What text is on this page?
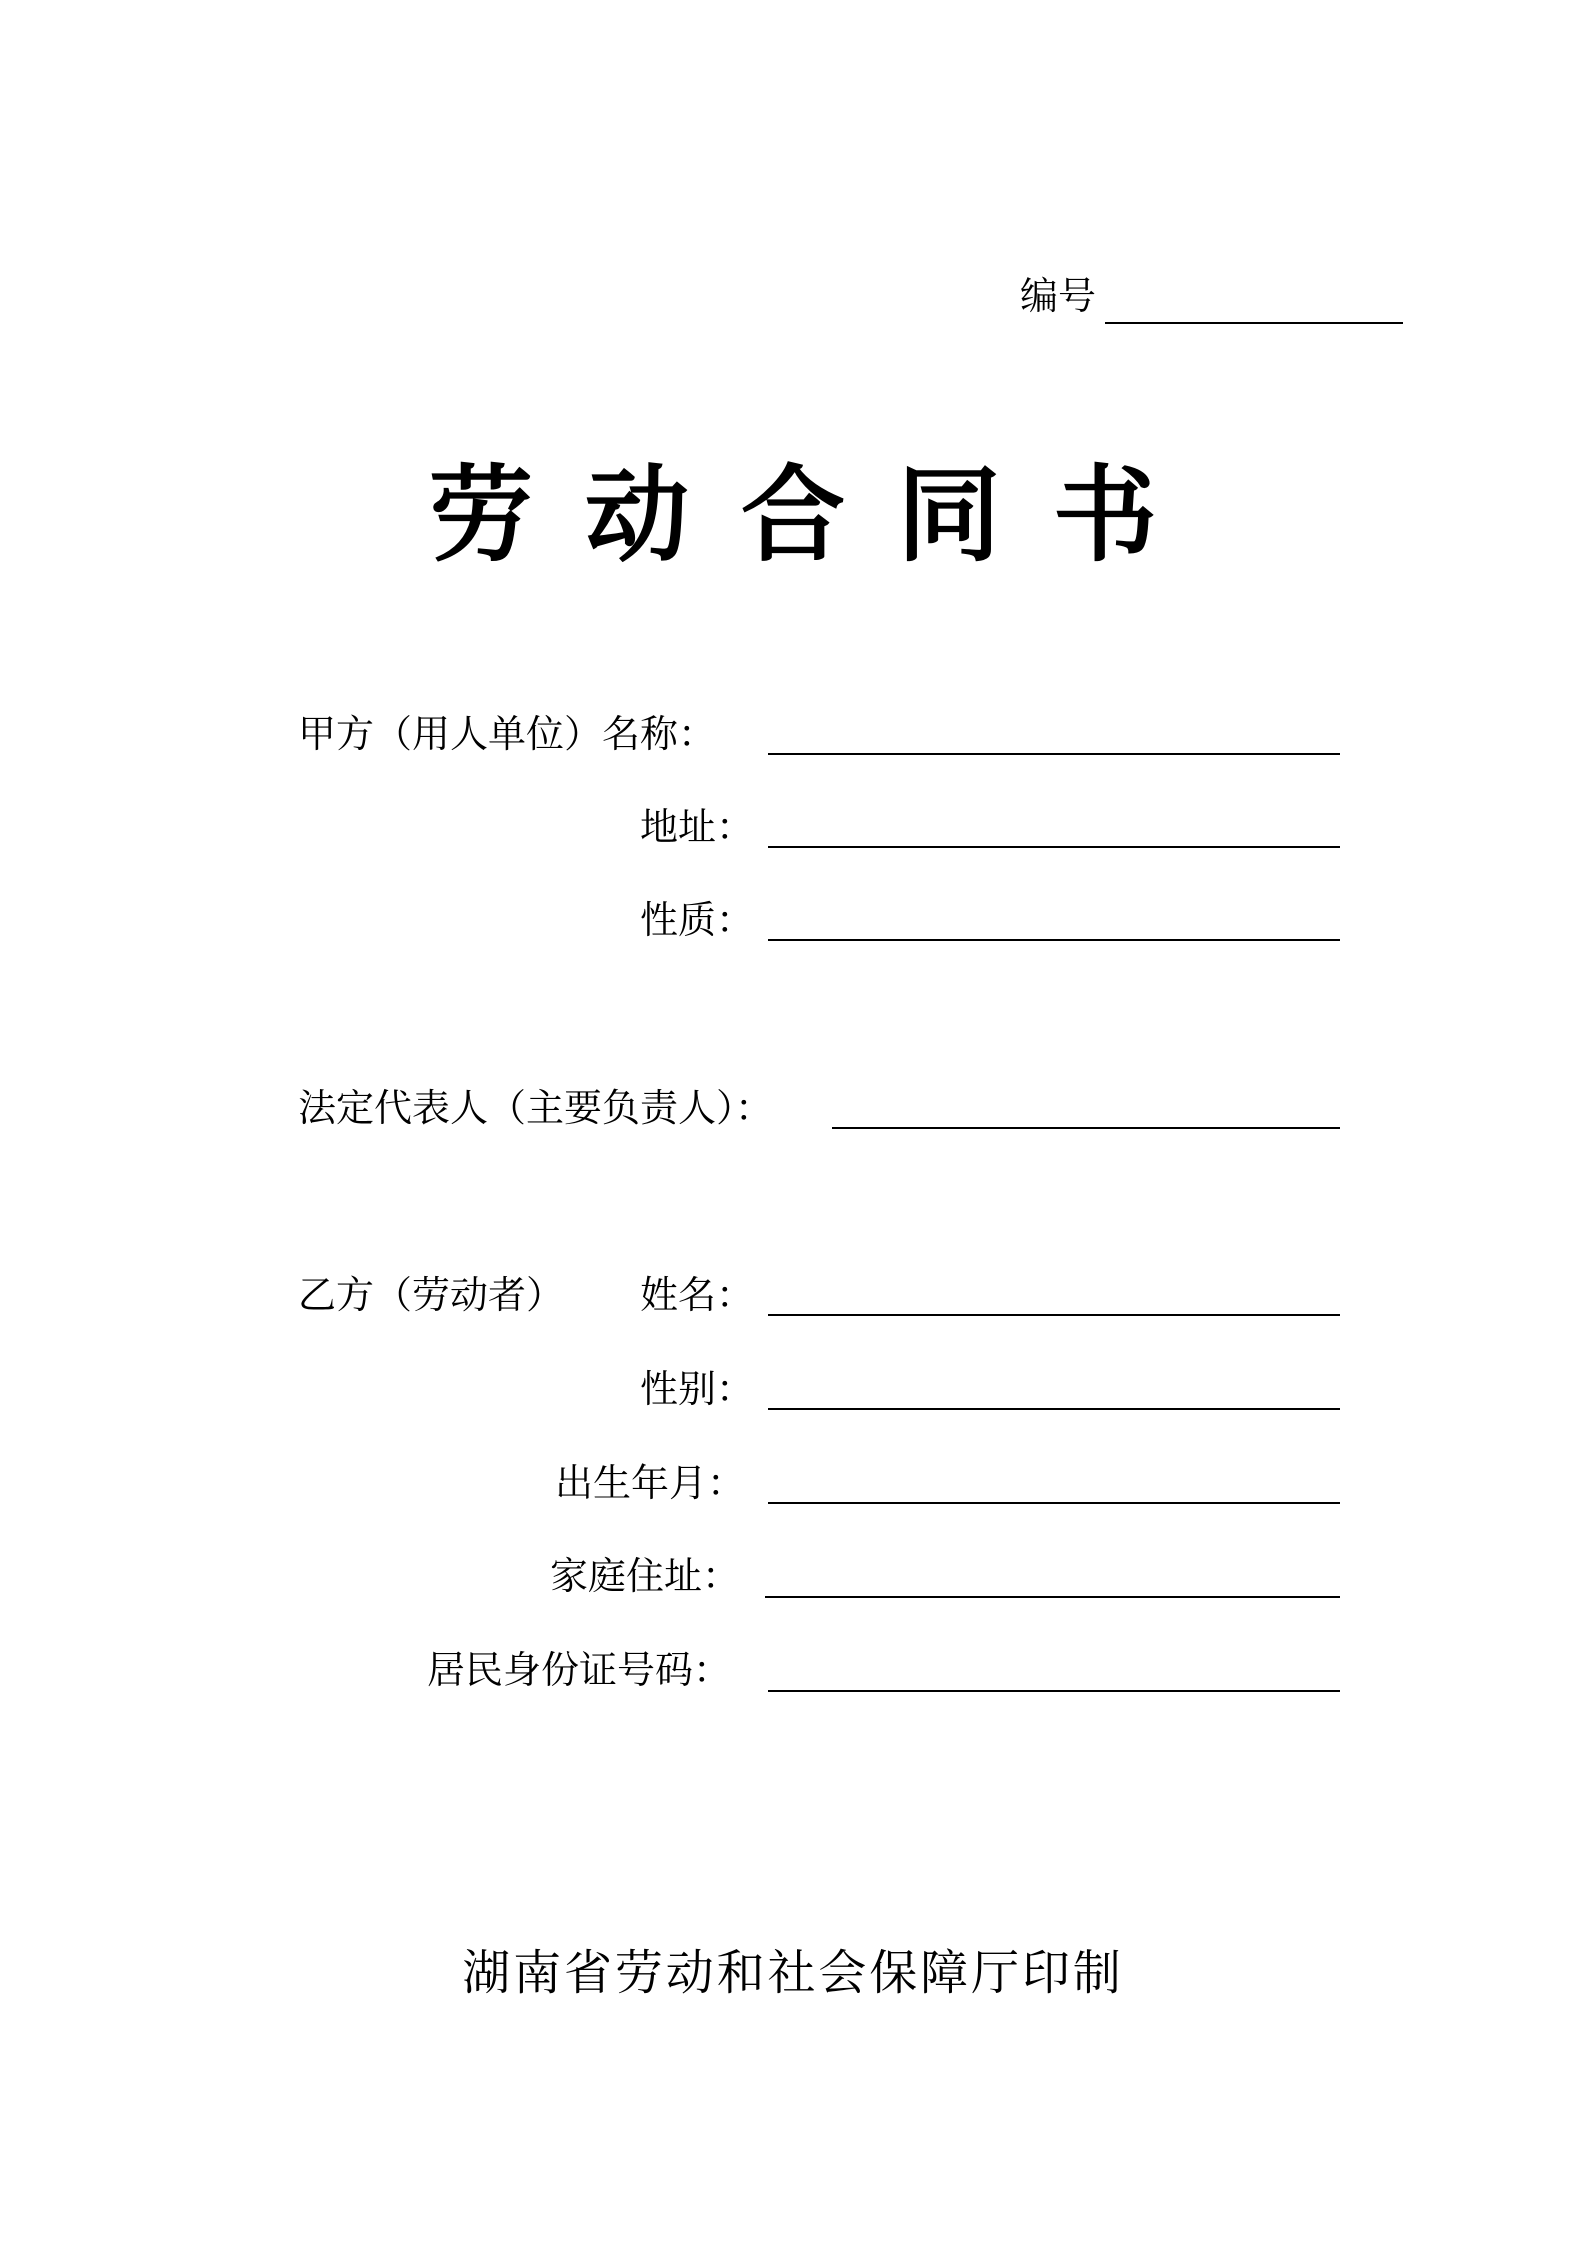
编号
劳动合同书
甲方（用人单位）名称：
地址：
性质：
法定代表人（主要负责人）：
乙方（劳动者） 姓名：
性别：
出生年月：
家庭住址：
居民身份证号码：
湖南省劳动和社会保障厅印制
